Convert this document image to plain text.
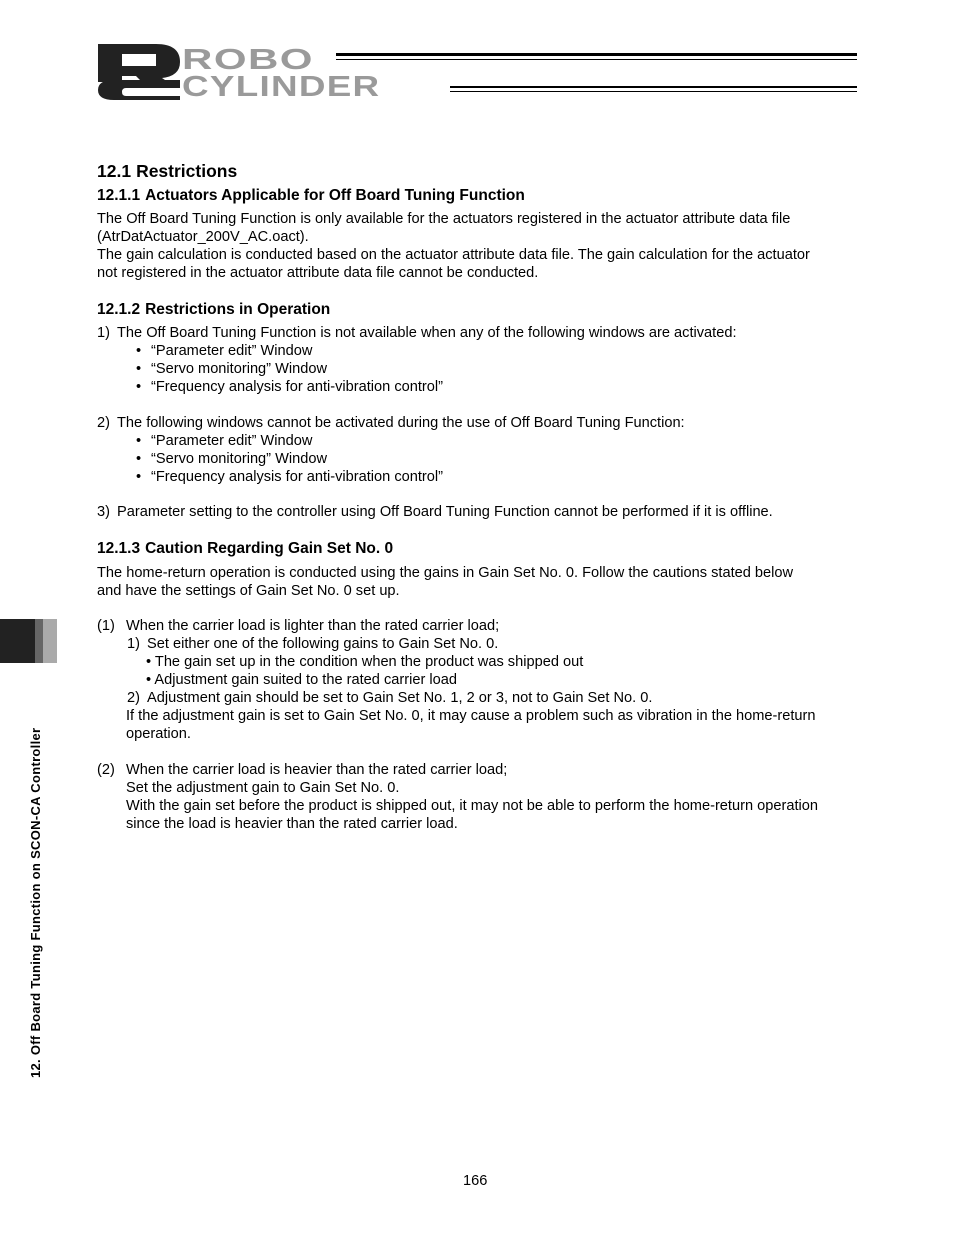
ROBO
CYLINDER
12. Off Board Tuning Function on SCON-CA Controller
12.1 Restrictions
12.1.1 Actuators Applicable for Off Board Tuning Function
The Off Board Tuning Function is only available for the actuators registered in the actuator attribute data file
(AtrDatActuator_200V_AC.oact).
The gain calculation is conducted based on the actuator attribute data file. The gain calculation for the actuator
not registered in the actuator attribute data file cannot be conducted.
12.1.2 Restrictions in Operation
1) The Off Board Tuning Function is not available when any of the following windows are activated:
• “Parameter edit” Window
• “Servo monitoring” Window
• “Frequency analysis for anti-vibration control”
2) The following windows cannot be activated during the use of Off Board Tuning Function:
• “Parameter edit” Window
• “Servo monitoring” Window
• “Frequency analysis for anti-vibration control”
3) Parameter setting to the controller using Off Board Tuning Function cannot be performed if it is offline.
12.1.3 Caution Regarding Gain Set No. 0
The home-return operation is conducted using the gains in Gain Set No. 0. Follow the cautions stated below
and have the settings of Gain Set No. 0 set up.
(1) When the carrier load is lighter than the rated carrier load;
1) Set either one of the following gains to Gain Set No. 0.
• The gain set up in the condition when the product was shipped out
• Adjustment gain suited to the rated carrier load
2) Adjustment gain should be set to Gain Set No. 1, 2 or 3, not to Gain Set No. 0.
If the adjustment gain is set to Gain Set No. 0, it may cause a problem such as vibration in the home-return
operation.
(2) When the carrier load is heavier than the rated carrier load;
Set the adjustment gain to Gain Set No. 0.
With the gain set before the product is shipped out, it may not be able to perform the home-return operation
since the load is heavier than the rated carrier load.
166
